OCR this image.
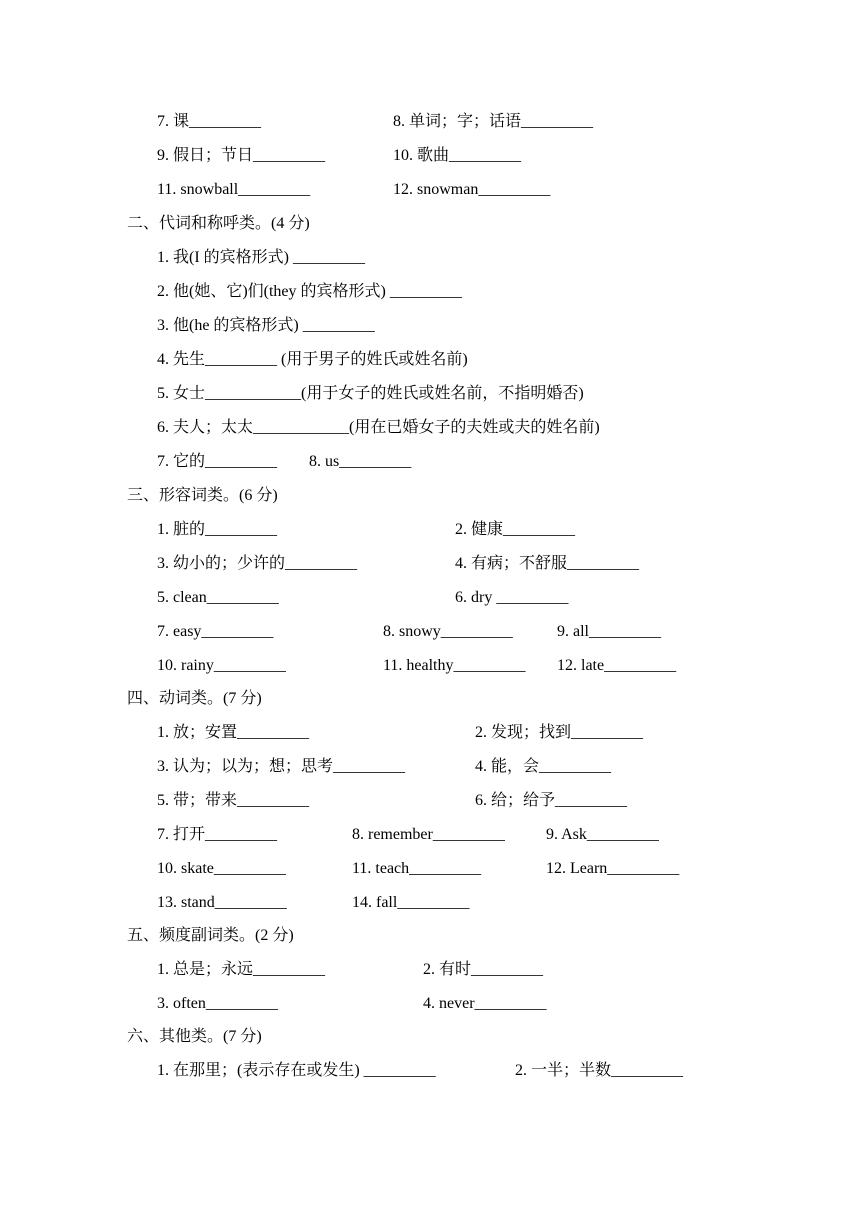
7. 课_________	8. 单词；字；话语_________
9. 假日；节日_________	10. 歌曲_________
11. snowball_________	12. snowman_________
二、代词和称呼类。(4 分)
1. 我(I 的宾格形式) _________
2. 他(她、它)们(they 的宾格形式) _________
3. 他(he 的宾格形式) _________
4. 先生_________ (用于男子的姓氏或姓名前)
5. 女士____________(用于女子的姓氏或姓名前，不指明婚否)
6. 夫人；太太____________(用在已婚女子的夫姓或夫的姓名前)
7. 它的_________ 8. us_________
三、形容词类。(6 分)
1. 脏的_________	2. 健康_________
3. 幼小的；少许的_________	4. 有病；不舒服_________
5. clean_________	6. dry _________
7. easy_________	8. snowy_________	9. all_________
10. rainy_________	11. healthy_________ 12. late_________
四、动词类。(7 分)
1. 放；安置_________	2. 发现；找到_________
3. 认为；以为；想；思考_________	4. 能，会_________
5. 带；带来_________	6. 给；给予_________
7. 打开_________	8. remember_________	9. Ask_________
10. skate_________	11. teach_________	12. Learn_________
13. stand_________	14. fall_________
五、频度副词类。(2 分)
1. 总是；永远_________	2. 有时_________
3. often_________	4. never_________
六、其他类。(7 分)
1. 在那里；(表示存在或发生) _________	2. 一半；半数_________
